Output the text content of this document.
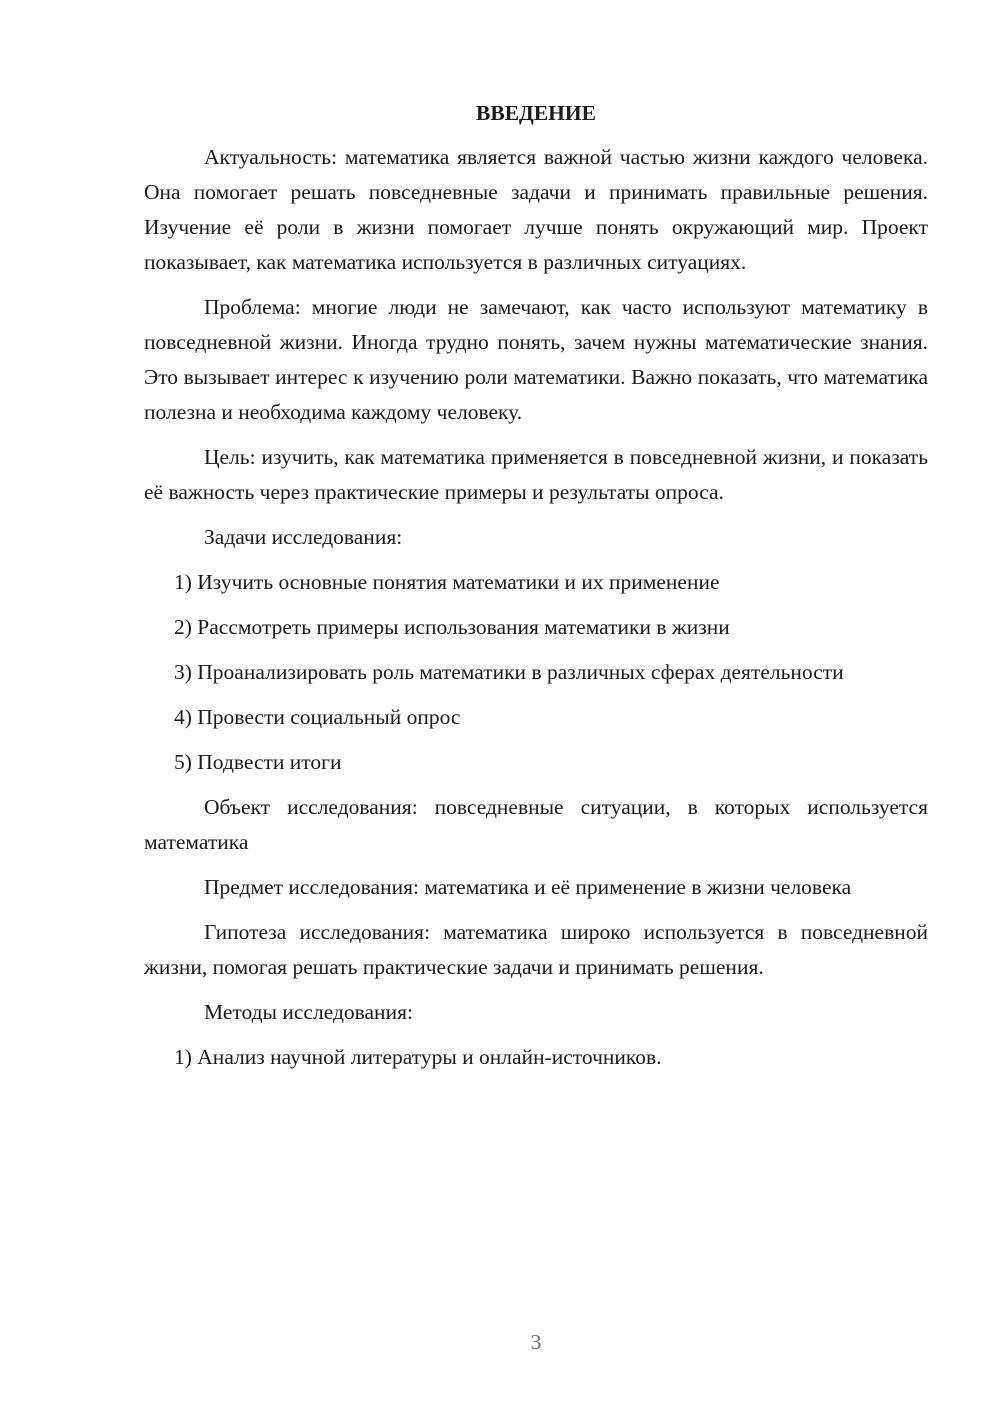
ВВЕДЕНИЕ

Актуальность: математика является важной частью жизни каждого человека. Она помогает решать повседневные задачи и принимать правильные решения. Изучение её роли в жизни помогает лучше понять окружающий мир. Проект показывает, как математика используется в различных ситуациях.

Проблема: многие люди не замечают, как часто используют математику в повседневной жизни. Иногда трудно понять, зачем нужны математические знания. Это вызывает интерес к изучению роли математики. Важно показать, что математика полезна и необходима каждому человеку.

Цель: изучить, как математика применяется в повседневной жизни, и показать её важность через практические примеры и результаты опроса.

Задачи исследования:

1) Изучить основные понятия математики и их применение

2) Рассмотреть примеры использования математики в жизни

3) Проанализировать роль математики в различных сферах деятельности

4) Провести социальный опрос

5) Подвести итоги

Объект исследования: повседневные ситуации, в которых используется математика

Предмет исследования: математика и её применение в жизни человека

Гипотеза исследования: математика широко используется в повседневной жизни, помогая решать практические задачи и принимать решения.

Методы исследования:

1) Анализ научной литературы и онлайн-источников.

3
